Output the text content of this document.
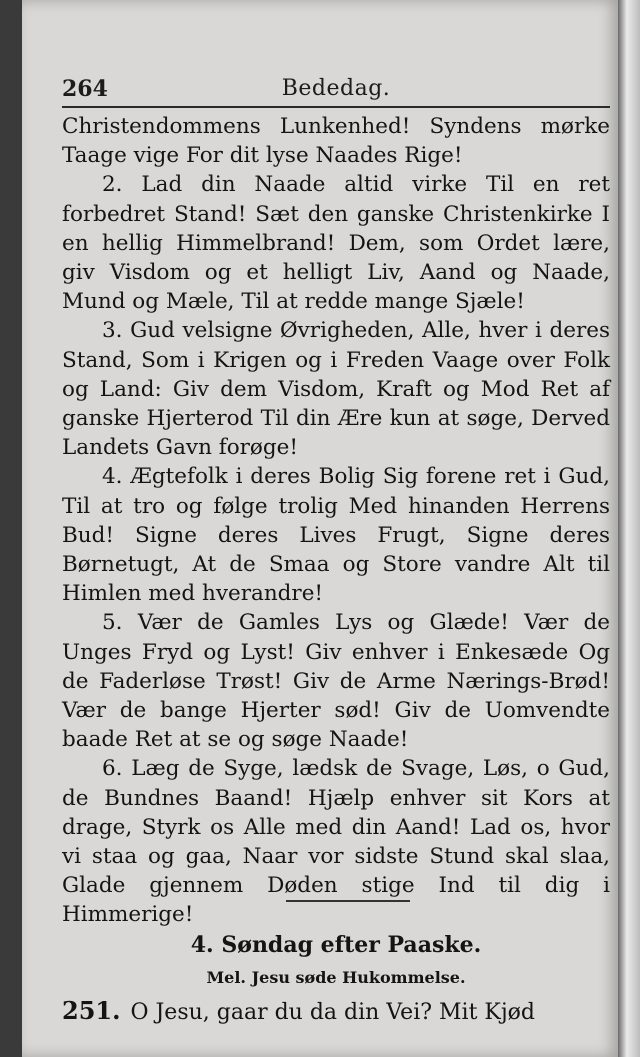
264	Bededag.

Christendommens Lunkenhed! Syndens mørke Taage vige For dit lyse Naades Rige!

2. Lad din Naade altid virke Til en ret forbedret Stand! Sæt den ganske Christenkirke I en hellig Himmelbrand! Dem, som Ordet lære, giv Visdom og et helligt Liv, Aand og Naade, Mund og Mæle, Til at redde mange Sjæle!

3. Gud velsigne Øvrigheden, Alle, hver i deres Stand, Som i Krigen og i Freden Vaage over Folk og Land: Giv dem Visdom, Kraft og Mod Ret af ganske Hjerterod Til din Ære kun at søge, Derved Landets Gavn forøge!

4. Ægtefolk i deres Bolig Sig forene ret i Gud, Til at tro og følge trolig Med hinanden Herrens Bud! Signe deres Lives Frugt, Signe deres Børnetugt, At de Smaa og Store vandre Alt til Himlen med hverandre!

5. Vær de Gamles Lys og Glæde! Vær de Unges Fryd og Lyst! Giv enhver i Enkesæde Og de Faderløse Trøst! Giv de Arme Nærings-Brød! Vær de bange Hjerter sød! Giv de Uomvendte baade Ret at se og søge Naade!

6. Læg de Syge, lædsk de Svage, Løs, o Gud, de Bundnes Baand! Hjælp enhver sit Kors at drage, Styrk os Alle med din Aand! Lad os, hvor vi staa og gaa, Naar vor sidste Stund skal slaa, Glade gjennem Døden stige Ind til dig i Himmerige!

4. Søndag efter Paaske.
Mel. Jesu søde Hukommelse.
251. O Jesu, gaar du da din Vei? Mit Kjød
